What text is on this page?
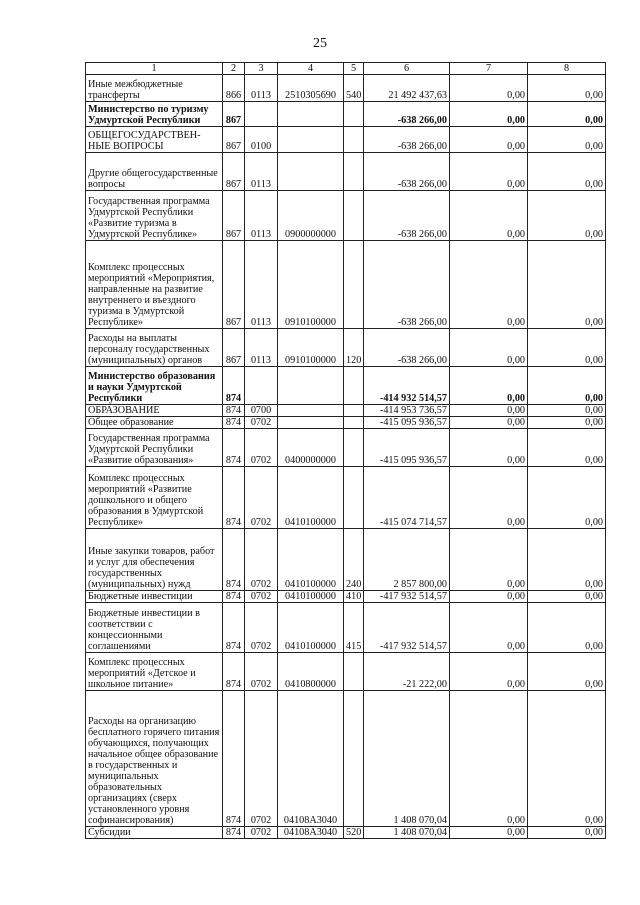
25
1	2	3	4	5	6	7	8
Иные межбюджетные трансферты	866	0113	2510305690	540	21 492 437,63	0,00	0,00
Министерство по туризму Удмуртской Республики	867				-638 266,00	0,00	0,00
ОБЩЕГОСУДАРСТВЕН-НЫЕ ВОПРОСЫ	867	0100			-638 266,00	0,00	0,00
Другие общегосударственные вопросы	867	0113			-638 266,00	0,00	0,00
Государственная программа Удмуртской Республики «Развитие туризма в Удмуртской Республике»	867	0113	0900000000		-638 266,00	0,00	0,00
Комплекс процессных мероприятий «Мероприятия, направленные на развитие внутреннего и въездного туризма в Удмуртской Республике»	867	0113	0910100000		-638 266,00	0,00	0,00
Расходы на выплаты персоналу государственных (муниципальных) органов	867	0113	0910100000	120	-638 266,00	0,00	0,00
Министерство образования и науки Удмуртской Республики	874				-414 932 514,57	0,00	0,00
ОБРАЗОВАНИЕ	874	0700			-414 953 736,57	0,00	0,00
Общее образование	874	0702			-415 095 936,57	0,00	0,00
Государственная программа Удмуртской Республики «Развитие образования»	874	0702	0400000000		-415 095 936,57	0,00	0,00
Комплекс процессных мероприятий «Развитие дошкольного и общего образования в Удмуртской Республике»	874	0702	0410100000		-415 074 714,57	0,00	0,00
Иные закупки товаров, работ и услуг для обеспечения государственных (муниципальных) нужд	874	0702	0410100000	240	2 857 800,00	0,00	0,00
Бюджетные инвестиции	874	0702	0410100000	410	-417 932 514,57	0,00	0,00
Бюджетные инвестиции в соответствии с концессионными соглашениями	874	0702	0410100000	415	-417 932 514,57	0,00	0,00
Комплекс процессных мероприятий «Детское и школьное питание»	874	0702	0410800000		-21 222,00	0,00	0,00
Расходы на организацию бесплатного горячего питания обучающихся, получающих начальное общее образование в государственных и муниципальных образовательных организациях (сверх установленного уровня софинансирования)	874	0702	04108А3040		1 408 070,04	0,00	0,00
Субсидии	874	0702	04108А3040	520	1 408 070,04	0,00	0,00
